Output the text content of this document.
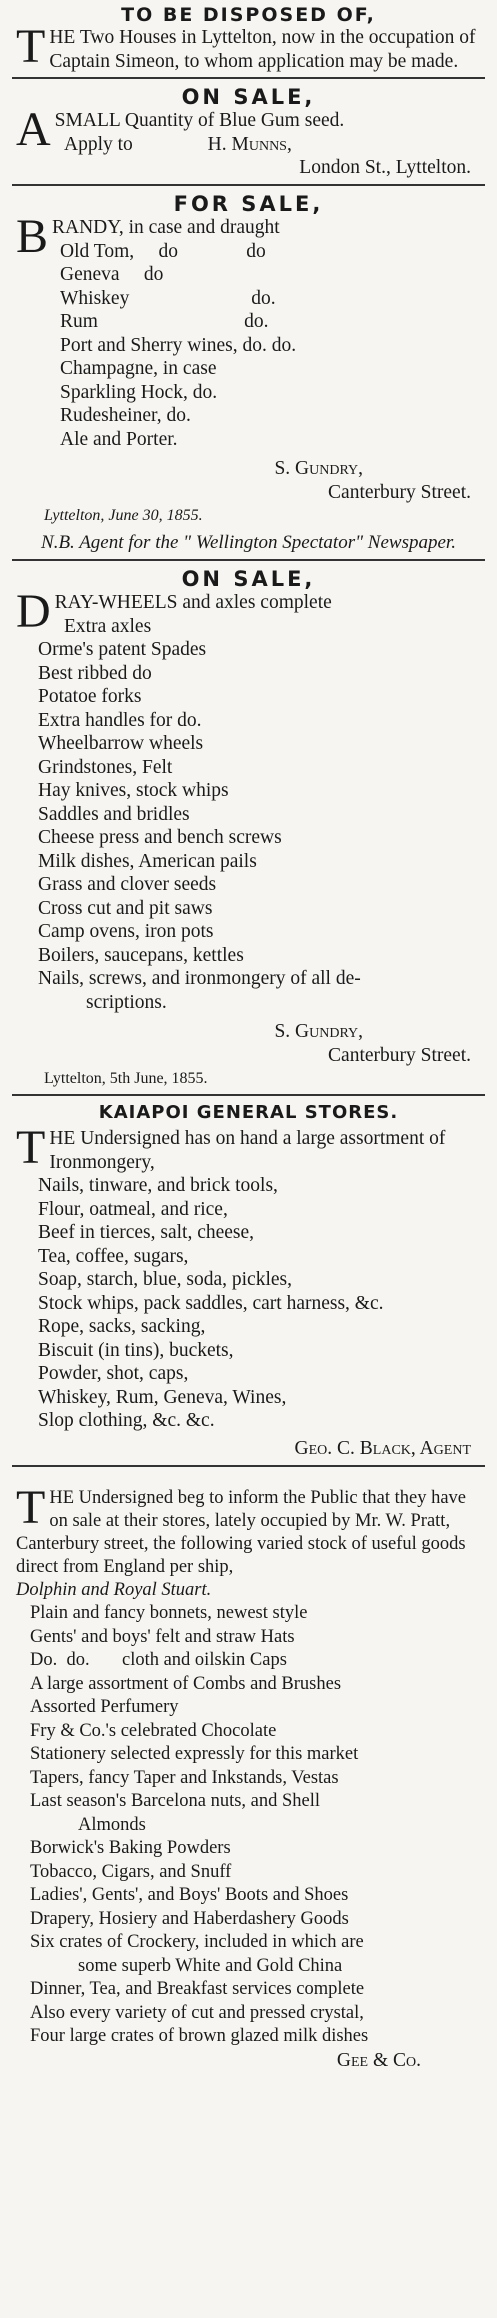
TO BE DISPOSED OF,

THE Two Houses in Lyttelton, now in the occupation of Captain Simeon, to whom application may be made.

ON SALE,

ASMALL Quantity of Blue Gum seed.

Apply to	H. Munns,

London St., Lyttelton.

FOR SALE,
BRANDY, in case and draught
Old Tom,     do              do
Geneva     do
Whiskey                         do.
Rum                              do.
Port and Sherry wines, do. do.
Champagne, in case
Sparkling Hock, do.
Rudesheiner, do.
Ale and Porter.

S. Gundry,

Canterbury Street.

Lyttelton, June 30, 1855.

N.B. Agent for the " Wellington Spectator" Newspaper.

ON SALE,

DRAY-WHEELS and axles complete

Extra axles
Orme's patent Spades
Best ribbed do
Potatoe forks
Extra handles for do.
Wheelbarrow wheels
Grindstones, Felt
Hay knives, stock whips
Saddles and bridles
Cheese press and bench screws
Milk dishes, American pails
Grass and clover seeds
Cross cut and pit saws
Camp ovens, iron pots
Boilers, saucepans, kettles
Nails, screws, and ironmongery of all de-
scriptions.

S. Gundry,

Canterbury Street.

Lyttelton, 5th June, 1855.

KAIAPOI GENERAL STORES.

THE Undersigned has on hand a large assortment of

Ironmongery,
Nails, tinware, and brick tools,
Flour, oatmeal, and rice,
Beef in tierces, salt, cheese,
Tea, coffee, sugars,
Soap, starch, blue, soda, pickles,
Stock whips, pack saddles, cart harness, &c.
Rope, sacks, sacking,
Biscuit (in tins), buckets,
Powder, shot, caps,
Whiskey, Rum, Geneva, Wines,
Slop clothing, &c. &c.

Geo. C. Black, Agent

THE Undersigned beg to inform the Public that they have on sale at their stores, lately occupied by Mr. W. Pratt, Canterbury street, the following varied stock of useful goods direct from England per ship,

Dolphin and Royal Stuart.

Plain and fancy bonnets, newest style
Gents' and boys' felt and straw Hats
Do.  do.       cloth and oilskin Caps
A large assortment of Combs and Brushes
Assorted Perfumery
Fry & Co.'s celebrated Chocolate
Stationery selected expressly for this market
Tapers, fancy Taper and Inkstands, Vestas
Last season's Barcelona nuts, and Shell
Almonds
Borwick's Baking Powders
Tobacco, Cigars, and Snuff
Ladies', Gents', and Boys' Boots and Shoes
Drapery, Hosiery and Haberdashery Goods
Six crates of Crockery, included in which are
some superb White and Gold China
Dinner, Tea, and Breakfast services complete
Also every variety of cut and pressed crystal,
Four large crates of brown glazed milk dishes

Gee & Co.
